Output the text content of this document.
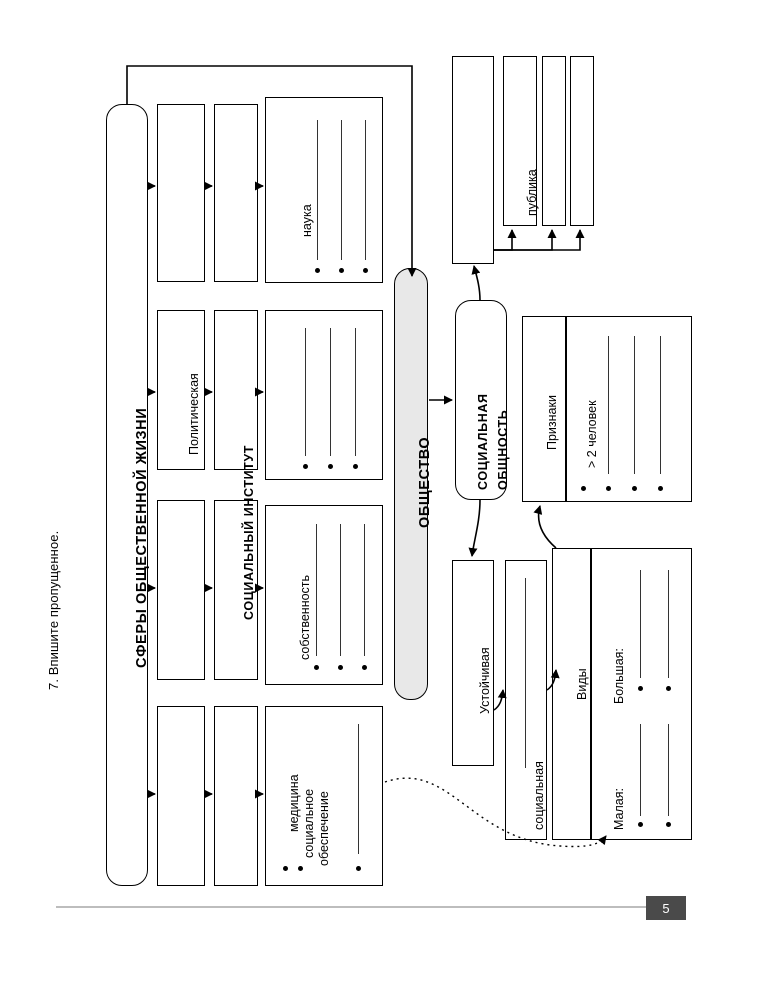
7. Впишите пропущенное.	СФЕРЫ ОБЩЕСТВЕННОЙ ЖИЗНИ	Политическая
СОЦИАЛЬНЫЙ ИНСТИТУТ
наука
собственность
медицина социальное обеспечение
ОБЩЕСТВО	СОЦИАЛЬНАЯ ОБЩНОСТЬ
публика
Признаки > 2 человек
Устойчивая
социальная
Виды Большая:
Малая:
5
